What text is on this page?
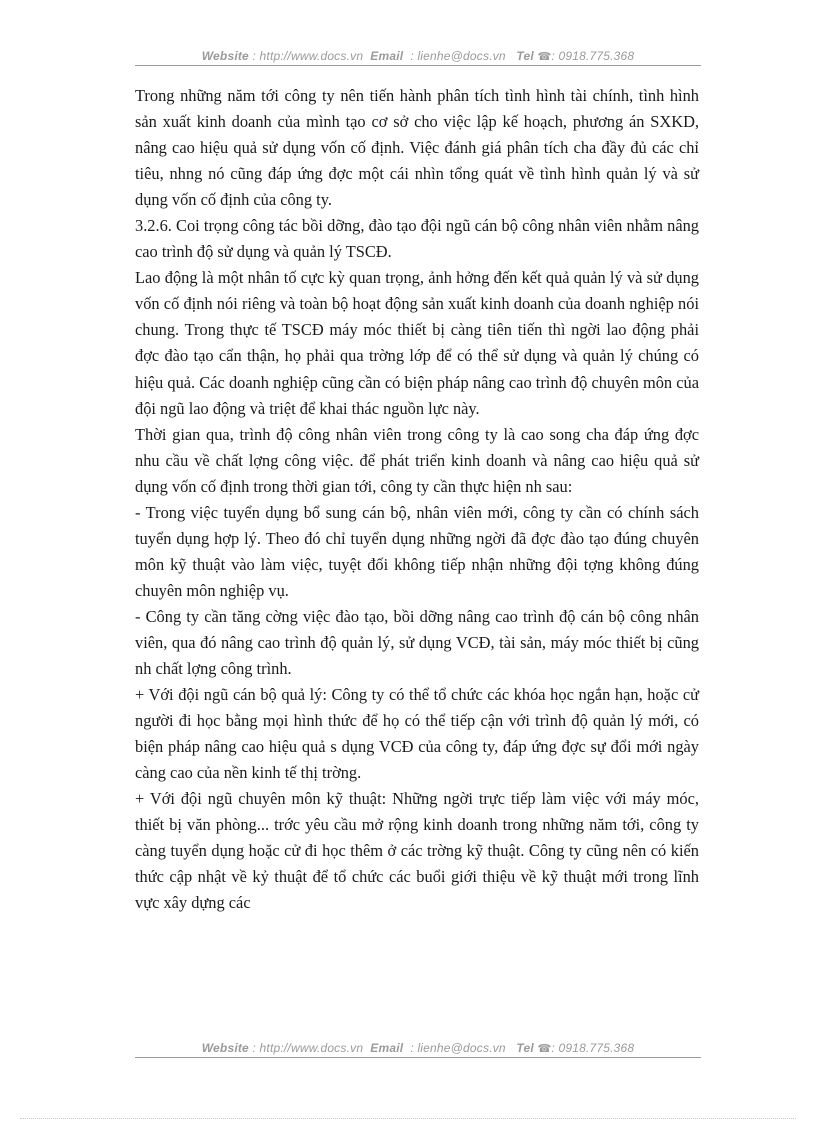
Website : http://www.docs.vn Email : lienhe@docs.vn Tel ☎: 0918.775.368

Trong những năm tới công ty nên tiến hành phân tích tình hình tài chính, tình hình sản xuất kinh doanh của mình tạo cơ sở cho việc lập kế hoạch, phương án SXKD, nâng cao hiệu quả sử dụng vốn cố định. Việc đánh giá phân tích cha đầy đủ các chỉ tiêu, nhng nó cũng đáp ứng đợc một cái nhìn tổng quát về tình hình quản lý và sử dụng vốn cố định của công ty.

3.2.6. Coi trọng công tác bồi dỡng, đào tạo đội ngũ cán bộ công nhân viên nhằm nâng cao trình độ sử dụng và quản lý TSCĐ.

Lao động là một nhân tố cực kỳ quan trọng, ảnh hởng đến kết quả quản lý và sử dụng vốn cố định nói riêng và toàn bộ hoạt động sản xuất kinh doanh của doanh nghiệp nói chung. Trong thực tế TSCĐ máy móc thiết bị càng tiên tiến thì ngời lao động phải đợc đào tạo cẩn thận, họ phải qua trờng lớp để có thể sử dụng và quản lý chúng có hiệu quả. Các doanh nghiệp cũng cần có biện pháp nâng cao trình độ chuyên môn của đội ngũ lao động và triệt để khai thác nguồn lực này.

Thời gian qua, trình độ công nhân viên trong công ty là cao song cha đáp ứng đợc nhu cầu về chất lợng công việc. để phát triển kinh doanh và nâng cao hiệu quả sử dụng vốn cố định trong thời gian tới, công ty cần thực hiện nh sau:

- Trong việc tuyển dụng bổ sung cán bộ, nhân viên mới, công ty cần có chính sách tuyển dụng hợp lý. Theo đó chỉ tuyển dụng những ngời đã đợc đào tạo đúng chuyên môn kỹ thuật vào làm việc, tuyệt đối không tiếp nhận những đội tợng không đúng chuyên môn nghiệp vụ.

- Công ty cần tăng cờng việc đào tạo, bồi dỡng nâng cao trình độ cán bộ công nhân viên, qua đó nâng cao trình độ quản lý, sử dụng VCĐ, tài sản, máy móc thiết bị cũng nh chất lợng công trình.

+ Với đội ngũ cán bộ quả lý: Công ty có thể tổ chức các khóa học ngắn hạn, hoặc cử người đi học bằng mọi hình thức để họ có thể tiếp cận với trình độ quản lý mới, có biện pháp nâng cao hiệu quả s dụng VCĐ của công ty, đáp ứng đợc sự đổi mới ngày càng cao của nền kinh tế thị trờng.

+ Với đội ngũ chuyên môn kỹ thuật: Những ngời trực tiếp làm việc với máy móc, thiết bị văn phòng... trớc yêu cầu mở rộng kinh doanh trong những năm tới, công ty càng tuyển dụng hoặc cử đi học thêm ở các trờng kỹ thuật. Công ty cũng nên có kiến thức cập nhật về kỷ thuật để tổ chức các buổi giới thiệu về kỹ thuật mới trong lĩnh vực xây dựng các

Website : http://www.docs.vn Email : lienhe@docs.vn Tel ☎: 0918.775.368
